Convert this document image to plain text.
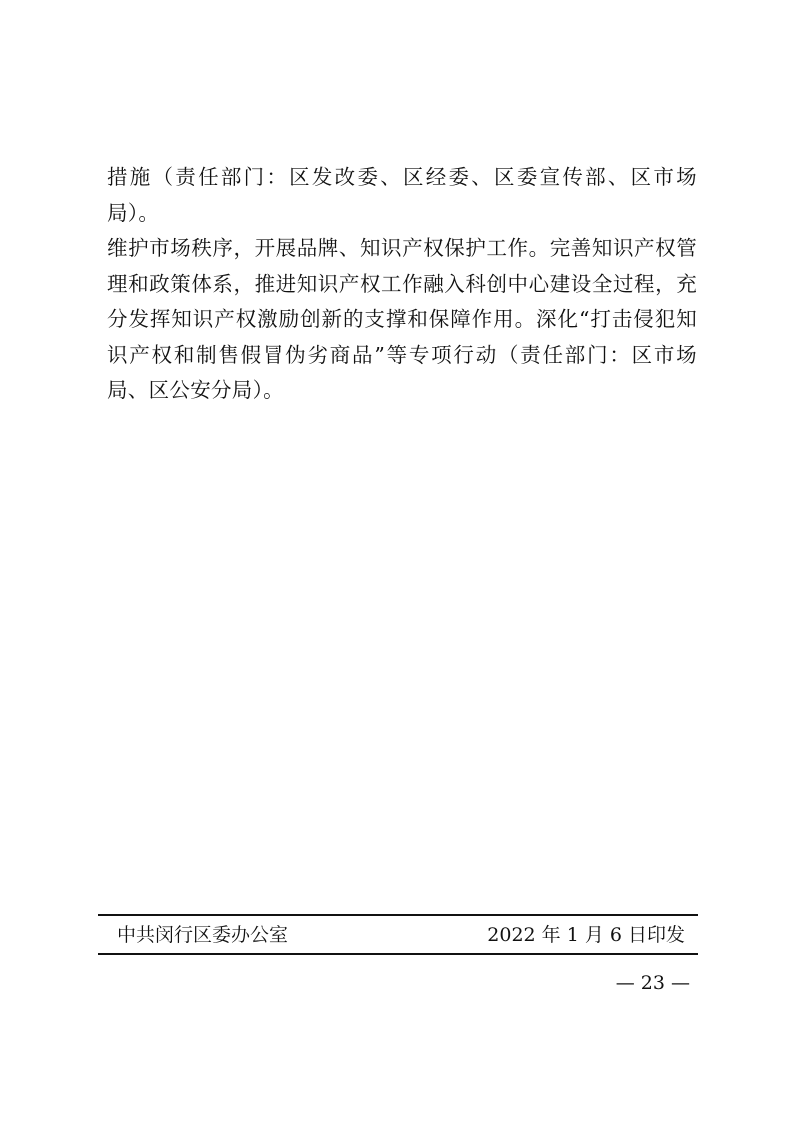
措施（责任部门：区发改委、区经委、区委宣传部、区市场局）。

维护市场秩序，开展品牌、知识产权保护工作。完善知识产权管理和政策体系，推进知识产权工作融入科创中心建设全过程，充分发挥知识产权激励创新的支撑和保障作用。深化“打击侵犯知识产权和制售假冒伪劣商品”等专项行动（责任部门：区市场局、区公安分局）。

中共闵行区委办公室	2022 年 1 月 6 日印发
— 23 —
